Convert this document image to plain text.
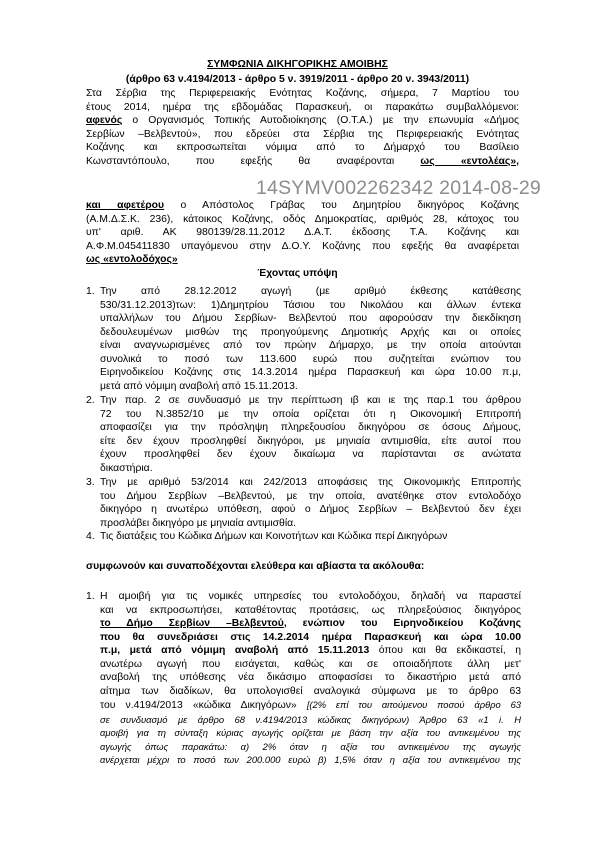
ΣΥΜΦΩΝΙΑ ΔΙΚΗΓΟΡΙΚΗΣ ΑΜΟΙΒΗΣ
(άρθρο 63 ν.4194/2013 - άρθρο 5 ν. 3919/2011 - άρθρο 20 ν. 3943/2011)

Στα Σέρβια της Περιφερειακής Ενότητας Κοζάνης, σήμερα, 7 Μαρτίου του

έτους 2014, ημέρα της εβδομάδας Παρασκευή, οι παρακάτω συμβαλλόμενοι:

αφενός ο Οργανισμός Τοπικής Αυτοδιοίκησης (Ο.Τ.Α.) με την επωνυμία «Δήμος

Σερβίων –Βελβεντού», που εδρεύει στα Σέρβια της Περιφερειακής Ενότητας

Κοζάνης και εκπροσωπείται νόμιμα από το Δήμαρχό του Βασίλειο

Κωνσταντόπουλο, που εφεξής θα αναφέρονται ως «εντολέας»,

14SYMV002262342 2014-08-29

και αφετέρου ο Απόστολος Γράβας του Δημητρίου δικηγόρος Κοζάνης

(Α.Μ.Δ.Σ.Κ. 236), κάτοικος Κοζάνης, οδός Δημοκρατίας, αριθμός 28, κάτοχος του

υπ' αριθ. ΑΚ 980139/28.11.2012 Δ.Α.Τ. έκδοσης Τ.Α. Κοζάνης και

Α.Φ.Μ.045411830 υπαγόμενου στην Δ.Ο.Υ. Κοζάνης που εφεξής θα αναφέρεται

ως «εντολοδόχος»

Έχοντας υπόψη
1. Την από 28.12.2012 αγωγή (με αριθμό έκθεσης κατάθεσης

530/31.12.2013)των: 1)Δημητρίου Τάσιου του Νικολάου και άλλων έντεκα

υπαλλήλων του Δήμου Σερβίων- Βελβεντού που αφορούσαν την διεκδίκηση

δεδουλευμένων μισθών της προηγούμενης Δημοτικής Αρχής και οι οποίες

είναι αναγνωρισμένες από τον πρώην Δήμαρχο, με την οποία αιτούνται

συνολικά το ποσό των 113.600 ευρώ που συζητείται ενώπιον του

Ειρηνοδικείου Κοζάνης στις 14.3.2014 ημέρα Παρασκευή και ώρα 10.00 π.μ,

μετά από νόμιμη αναβολή από 15.11.2013.

2. Την παρ. 2 σε συνδυασμό με την περίπτωση ιβ και ιε της παρ.1 του άρθρου

72 του Ν.3852/10 με την οποία ορίζεται ότι η Οικονομική Επιτροπή

αποφασίζει για την πρόσληψη πληρεξουσίου δικηγόρου σε όσους Δήμους,

είτε δεν έχουν προσληφθεί δικηγόροι, με μηνιαία αντιμισθία, είτε αυτοί που

έχουν προσληφθεί δεν έχουν δικαίωμα να παρίστανται σε ανώτατα

δικαστήρια.

3. Την με αριθμό 53/2014 και 242/2013 αποφάσεις της Οικονομικής Επιτροπής

του Δήμου Σερβίων –Βελβεντού, με την οποία, ανατέθηκε στον εντολοδόχο

δικηγόρο η ανωτέρω υπόθεση, αφού ο Δήμος Σερβίων – Βελβεντού δεν έχει

προσλάβει δικηγόρο με μηνιαία αντιμισθία.

4. Τις διατάξεις του Κώδικα Δήμων και Κοινοτήτων και Κώδικα περί Δικηγόρων

συμφωνούν και συναποδέχονται ελεύθερα και αβίαστα τα ακόλουθα:
1. Η αμοιβή για τις νομικές υπηρεσίες του εντολοδόχου, δηλαδή να παραστεί

και να εκπροσωπήσει, καταθέτοντας προτάσεις, ως πληρεξούσιος δικηγόρος

το Δήμο Σερβίων –Βελβεντού, ενώπιον του Ειρηνοδικείου Κοζάνης

που θα συνεδριάσει στις 14.2.2014 ημέρα Παρασκευή και ώρα 10.00

π.μ, μετά από νόμιμη αναβολή από 15.11.2013 όπου και θα εκδικαστεί, η

ανωτέρω αγωγή που εισάγεται, καθώς και σε οποιαδήποτε άλλη μετ'

αναβολή της υπόθεσης νέα δικάσιμο αποφασίσει το δικαστήριο μετά από

αίτημα των διαδίκων, θα υπολογισθεί αναλογικά σύμφωνα με το άρθρο 63

του ν.4194/2013 «κώδικα Δικηγόρων» [(2% επί του αιτούμενου ποσού άρθρο 63

σε συνδυασμό με άρθρο 68 ν.4194/2013 κώδικας δικηγόρων) Άρθρο 63 «1 i. Η

αμοιβή για τη σύνταξη κύριας αγωγής ορίζεται με βάση την αξία του αντικειμένου της

αγωγής όπως παρακάτω: α) 2% όταν η αξία του αντικειμένου της αγωγής

ανέρχεται μέχρι το ποσό των 200.000 ευρώ β) 1,5% όταν η αξία του αντικειμένου της
